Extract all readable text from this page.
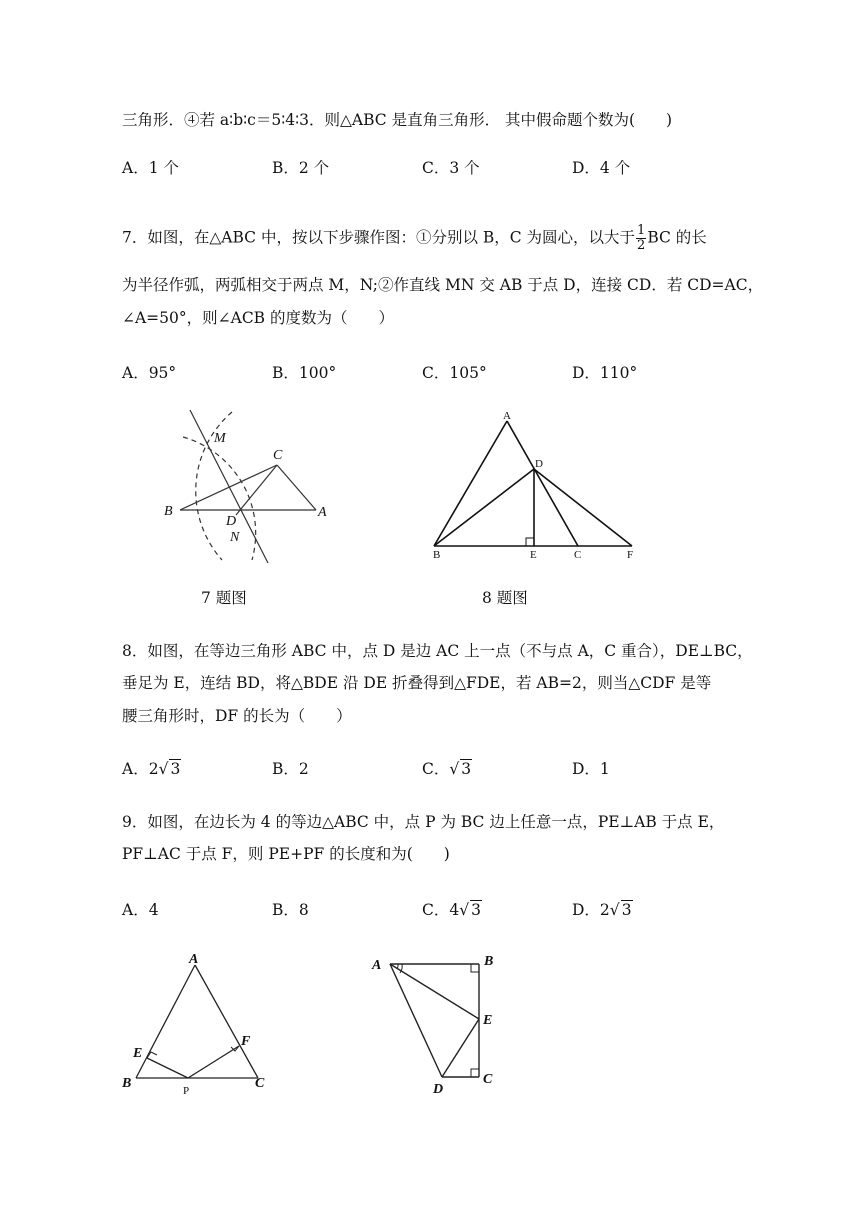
三角形．④若 a∶b∶c＝5∶4∶3．则△ABC 是直角三角形． 其中假命题个数为(　　)
A．1 个	B．2 个	C．3 个	D．4 个
7．如图，在△ABC 中，按以下步骤作图：①分别以 B，C 为圆心，以大于 $\frac{1}{2}$ BC 的长
为半径作弧，两弧相交于两点 M，N;②作直线 MN 交 AB 于点 D，连接 CD．若 CD=AC，
∠A=50°，则∠ACB 的度数为（　　）
A．95°	B．100°	C．105°	D．110°
M
C
B
D
A
N
A
D
B	E	C	F
7 题图	8 题图
8．如图，在等边三角形 ABC 中，点 D 是边 AC 上一点（不与点 A，C 重合），DE⊥BC，
垂足为 E，连结 BD，将△BDE 沿 DE 折叠得到△FDE，若 AB=2，则当△CDF 是等
腰三角形时，DF 的长为（　　）
A．2√ 3	B．2	C．√ 3	D．1
9．如图，在边长为 4 的等边△ABC 中，点 P 为 BC 边上任意一点，PE⊥AB 于点 E，
PF⊥AC 于点 F，则 PE+PF 的长度和为(　　)
A．4	B．8	C．4√ 3	D．2√ 3
A
E
F
B	C
P
A	B
E
D
C
